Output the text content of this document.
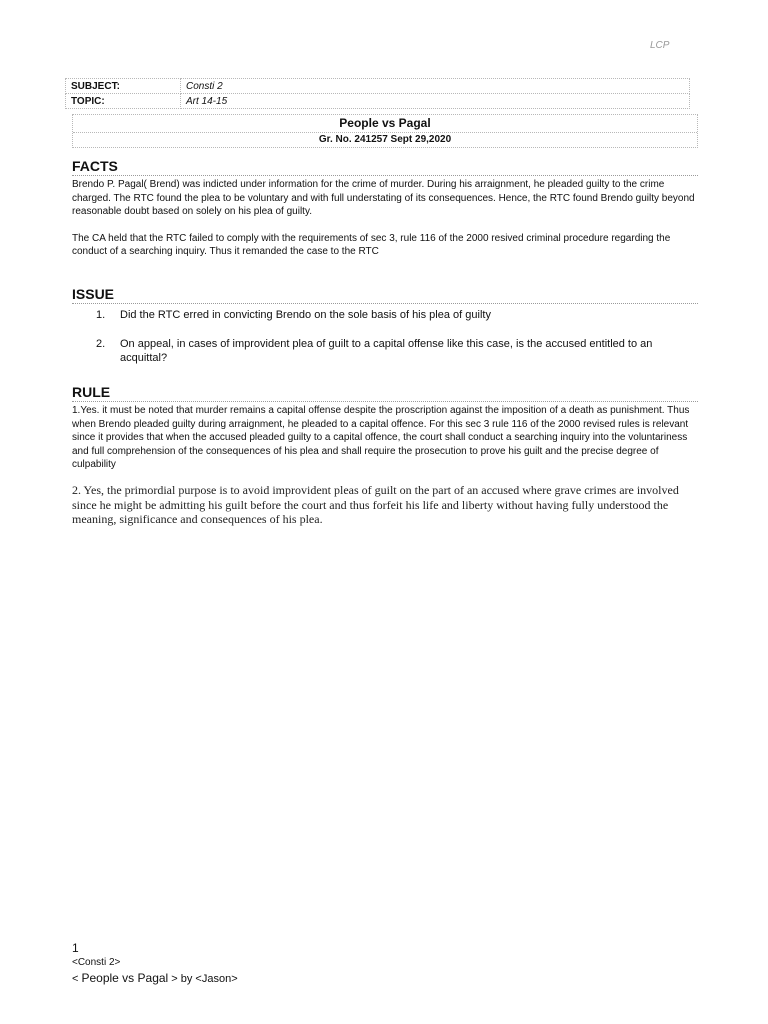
LCP
SUBJECT:	Consti 2
TOPIC:	Art 14-15
People vs Pagal
Gr. No. 241257 Sept 29,2020
FACTS

Brendo P. Pagal( Brend) was indicted under information for the crime of murder. During his arraignment, he pleaded guilty to the crime charged. The RTC found the plea to be voluntary and with full understating of its consequences. Hence, the RTC found Brendo guilty beyond reasonable doubt based on solely on his plea of guilty.

The CA held that the RTC failed to comply with the requirements of sec 3, rule 116 of the 2000 resived criminal procedure regarding the conduct of a searching inquiry. Thus it remanded the case to the RTC

ISSUE
1. Did the RTC erred in convicting Brendo on the sole basis of his plea of guilty
2. On appeal, in cases of improvident plea of guilt to a capital offense like this case, is the accused entitled to an acquittal?
RULE

1.Yes. it must be noted that murder remains a capital offense despite the proscription against the imposition of a death as punishment. Thus when Brendo pleaded guilty during arraignment, he pleaded to a capital offence. For this sec 3 rule 116 of the 2000 revised rules is relevant since it provides that when the accused pleaded guilty to a capital offence, the court shall conduct a searching inquiry into the voluntariness and full comprehension of the consequences of his plea and shall require the prosecution to prove his guilt and the precise degree of culpability

2. Yes, the primordial purpose is to avoid improvident pleas of guilt on the part of an accused where grave crimes are involved since he might be admitting his guilt before the court and thus forfeit his life and liberty without having fully understood the meaning, significance and consequences of his plea.
1
<Consti 2>
< People vs Pagal > by <Jason>
